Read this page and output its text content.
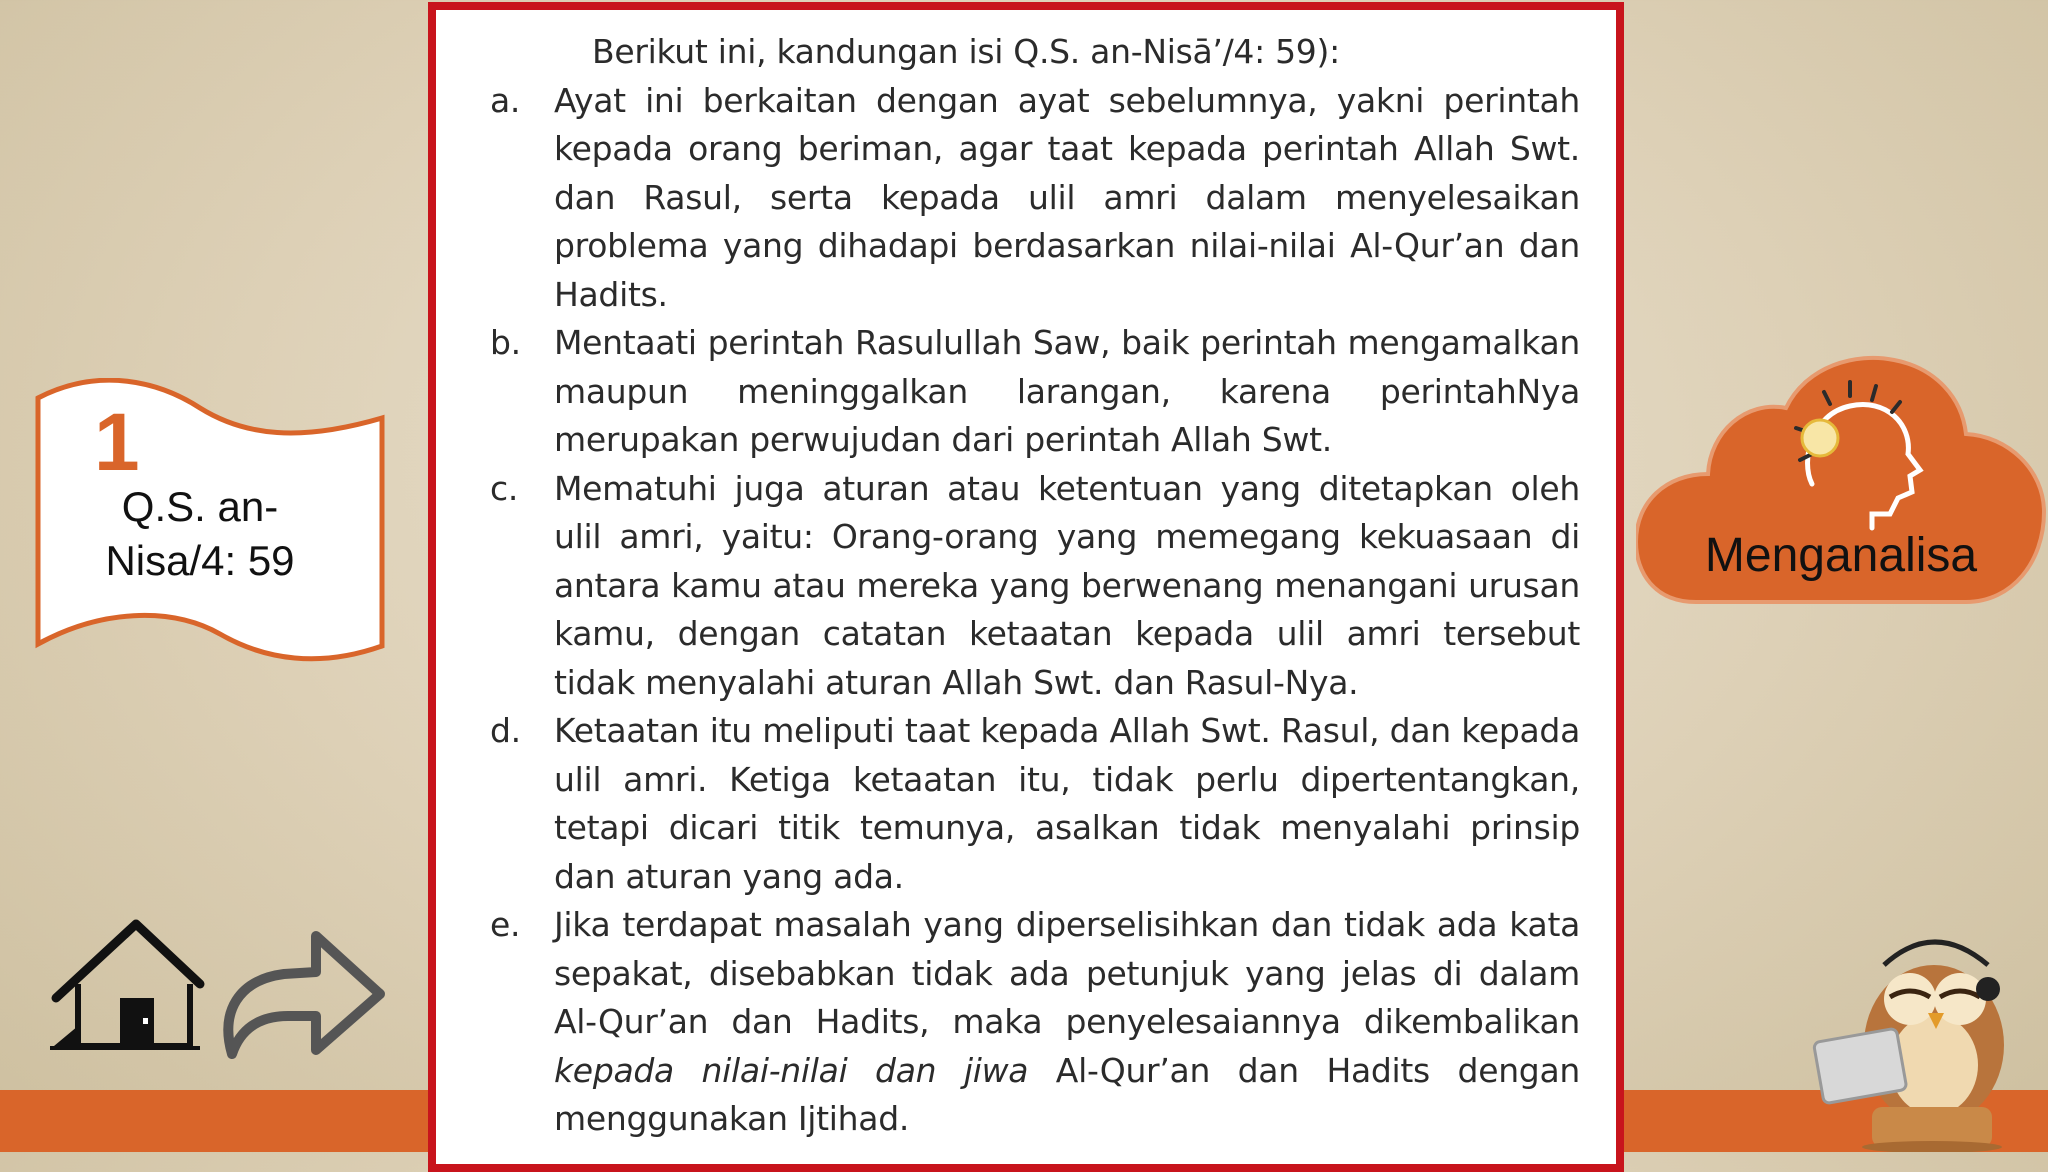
1
Q.S. an-Nisa/4: 59
Berikut ini, kandungan isi Q.S. an-Nisā’/4: 59):
a.	Ayat ini berkaitan dengan ayat sebelumnya, yakni perintah kepada orang beriman, agar taat kepada perintah Allah Swt. dan Rasul, serta kepada ulil amri dalam menyelesaikan problema yang dihadapi berdasarkan nilai-nilai Al-Qur’an dan Hadits.
b.	Mentaati perintah Rasulullah Saw, baik perintah mengamalkan maupun meninggalkan larangan, karena perintahNya merupakan perwujudan dari perintah Allah Swt.
c.	Mematuhi juga aturan atau ketentuan yang ditetapkan oleh ulil amri, yaitu: Orang-orang yang memegang kekuasaan di antara kamu atau mereka yang berwenang menangani urusan kamu, dengan catatan ketaatan kepada ulil amri tersebut tidak menyalahi aturan Allah Swt. dan Rasul-Nya.
d.	Ketaatan itu meliputi taat kepada Allah Swt. Rasul, dan kepada ulil amri. Ketiga ketaatan itu, tidak perlu dipertentangkan, tetapi dicari titik temunya, asalkan tidak menyalahi prinsip dan aturan yang ada.
e.	Jika terdapat masalah yang diperselisihkan dan tidak ada kata sepakat, disebabkan tidak ada petunjuk yang jelas di dalam Al-Qur’an dan Hadits, maka penyelesaiannya dikembalikan kepada nilai-nilai dan jiwa Al-Qur’an dan Hadits dengan menggunakan Ijtihad.
Menganalisa
